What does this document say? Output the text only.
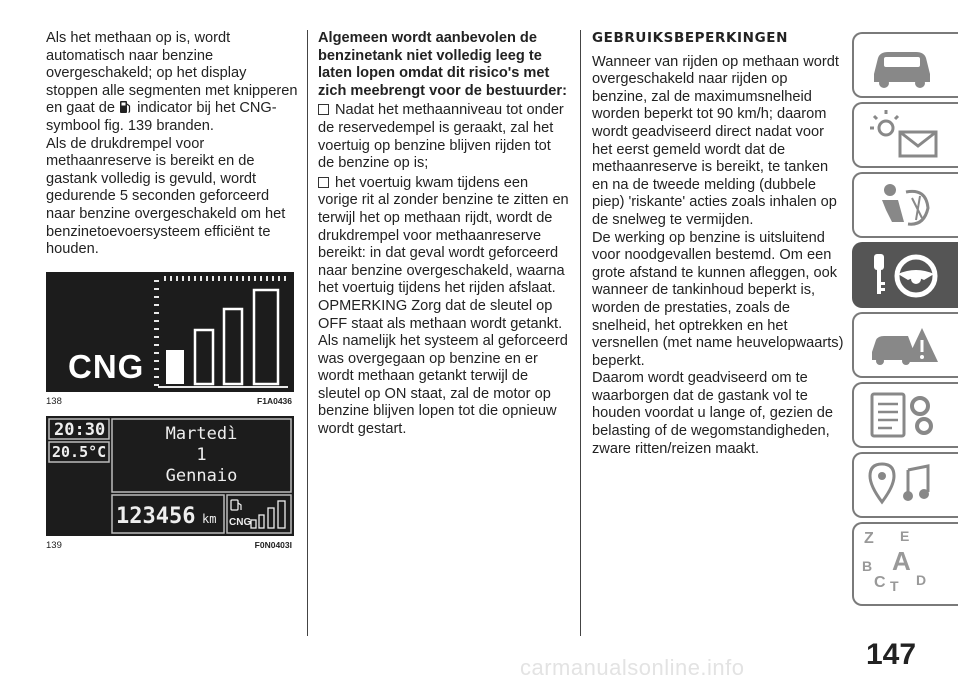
Als het methaan op is, wordt automatisch naar benzine overgeschakeld; op het display stoppen alle segmenten met knipperen en gaat de indicator bij het CNG-symbool fig. 139 branden.

Als de drukdrempel voor methaanreserve is bereikt en de gastank volledig is gevuld, wordt gedurende 5 seconden geforceerd naar benzine overgeschakeld om het benzinetoevoersysteem efficiënt te houden.

CNG
138	F1A0436
20:30
20.5°C
Martedì
1
Gennaio
123456 km CNG
139	F0N0403I

Algemeen wordt aanbevolen de benzinetank niet volledig leeg te laten lopen omdat dit risico's met zich meebrengt voor de bestuurder:

Nadat het methaanniveau tot onder de reservedempel is geraakt, zal het voertuig op benzine blijven rijden tot de benzine op is;

het voertuig kwam tijdens een vorige rit al zonder benzine te zitten en terwijl het op methaan rijdt, wordt de drukdrempel voor methaanreserve bereikt: in dat geval wordt geforceerd naar benzine overgeschakeld, waarna het voertuig tijdens het rijden afslaat.

OPMERKING Zorg dat de sleutel op OFF staat als methaan wordt getankt. Als namelijk het systeem al geforceerd was overgegaan op benzine en er wordt methaan getankt terwijl de sleutel op ON staat, zal de motor op benzine blijven lopen tot die opnieuw wordt gestart.

GEBRUIKSBEPERKINGEN

Wanneer van rijden op methaan wordt overgeschakeld naar rijden op benzine, zal de maximumsnelheid worden beperkt tot 90 km/h; daarom wordt geadviseerd direct nadat voor het eerst gemeld wordt dat de methaanreserve is bereikt, te tanken en na de tweede melding (dubbele piep) 'riskante' acties zoals inhalen op de snelweg te vermijden.

De werking op benzine is uitsluitend voor noodgevallen bestemd. Om een grote afstand te kunnen afleggen, ook wanneer de tankinhoud beperkt is, worden de prestaties, zoals de snelheid, het optrekken en het versnellen (met name heuvelopwaarts) beperkt.

Daarom wordt geadviseerd om te waarborgen dat de gastank vol te houden voordat u lange of, gezien de belasting of de wegomstandigheden, zware ritten/reizen maakt.

Z E
B A
C T D
147
carmanualsonline.info
